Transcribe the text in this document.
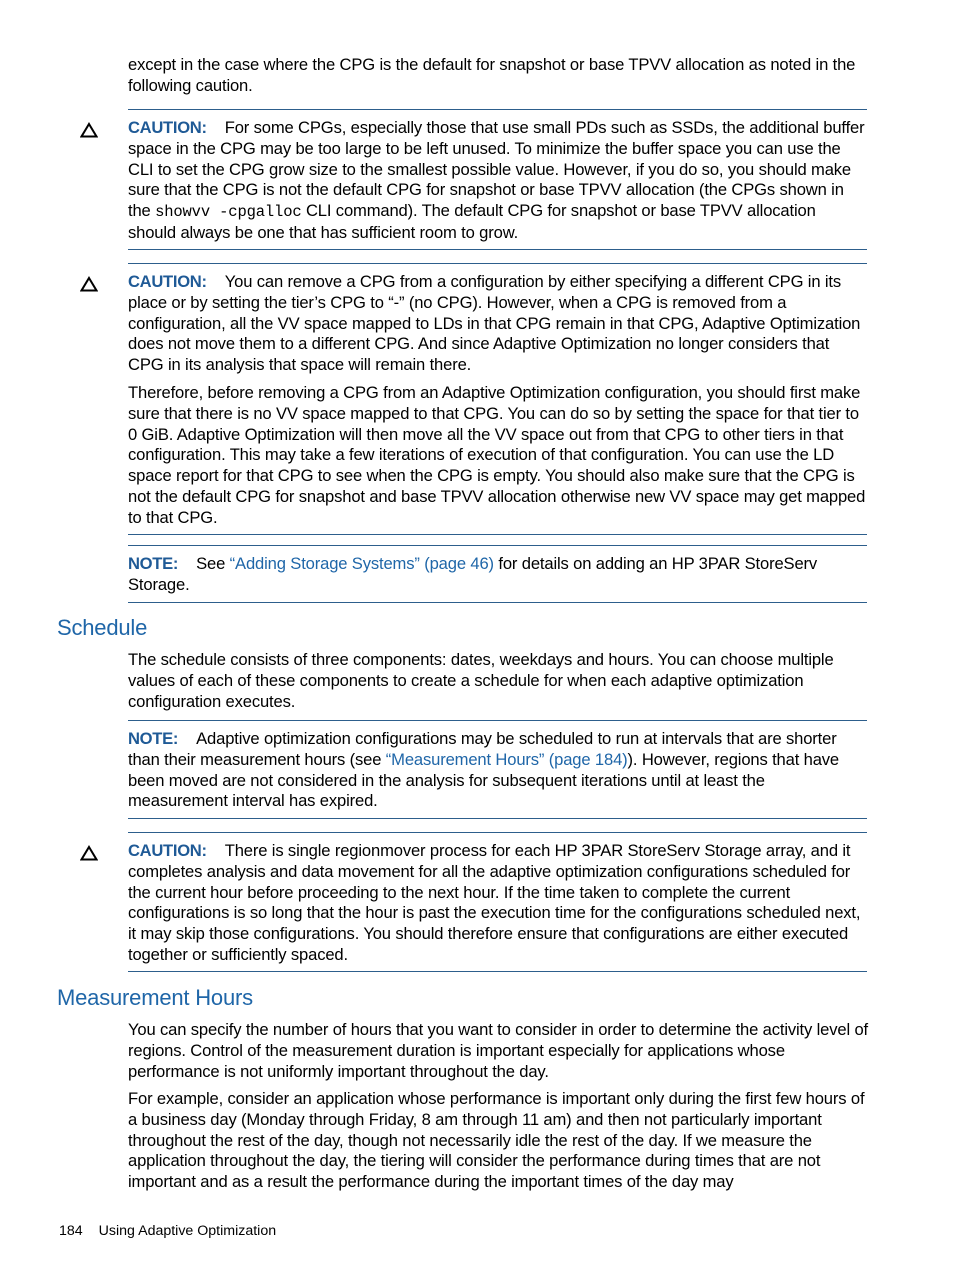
except in the case where the CPG is the default for snapshot or base TPVV allocation as noted in the following caution.

CAUTION: For some CPGs, especially those that use small PDs such as SSDs, the additional buffer space in the CPG may be too large to be left unused. To minimize the buffer space you can use the CLI to set the CPG grow size to the smallest possible value. However, if you do so, you should make sure that the CPG is not the default CPG for snapshot or base TPVV allocation (the CPGs shown in the showvv -cpgalloc CLI command). The default CPG for snapshot or base TPVV allocation should always be one that has sufficient room to grow.

CAUTION: You can remove a CPG from a configuration by either specifying a different CPG in its place or by setting the tier’s CPG to “-” (no CPG). However, when a CPG is removed from a configuration, all the VV space mapped to LDs in that CPG remain in that CPG, Adaptive Optimization does not move them to a different CPG. And since Adaptive Optimization no longer considers that CPG in its analysis that space will remain there.

Therefore, before removing a CPG from an Adaptive Optimization configuration, you should first make sure that there is no VV space mapped to that CPG. You can do so by setting the space for that tier to 0 GiB. Adaptive Optimization will then move all the VV space out from that CPG to other tiers in that configuration. This may take a few iterations of execution of that configuration. You can use the LD space report for that CPG to see when the CPG is empty. You should also make sure that the CPG is not the default CPG for snapshot and base TPVV allocation otherwise new VV space may get mapped to that CPG.

NOTE: See “Adding Storage Systems” (page 46) for details on adding an HP 3PAR StoreServ Storage.

Schedule

The schedule consists of three components: dates, weekdays and hours. You can choose multiple values of each of these components to create a schedule for when each adaptive optimization configuration executes.

NOTE: Adaptive optimization configurations may be scheduled to run at intervals that are shorter than their measurement hours (see “Measurement Hours” (page 184)). However, regions that have been moved are not considered in the analysis for subsequent iterations until at least the measurement interval has expired.

CAUTION: There is single regionmover process for each HP 3PAR StoreServ Storage array, and it completes analysis and data movement for all the adaptive optimization configurations scheduled for the current hour before proceeding to the next hour. If the time taken to complete the current configurations is so long that the hour is past the execution time for the configurations scheduled next, it may skip those configurations. You should therefore ensure that configurations are either executed together or sufficiently spaced.

Measurement Hours

You can specify the number of hours that you want to consider in order to determine the activity level of regions. Control of the measurement duration is important especially for applications whose performance is not uniformly important throughout the day.

For example, consider an application whose performance is important only during the first few hours of a business day (Monday through Friday, 8 am through 11 am) and then not particularly important throughout the rest of the day, though not necessarily idle the rest of the day. If we measure the application throughout the day, the tiering will consider the performance during times that are not important and as a result the performance during the important times of the day may

184 Using Adaptive Optimization
